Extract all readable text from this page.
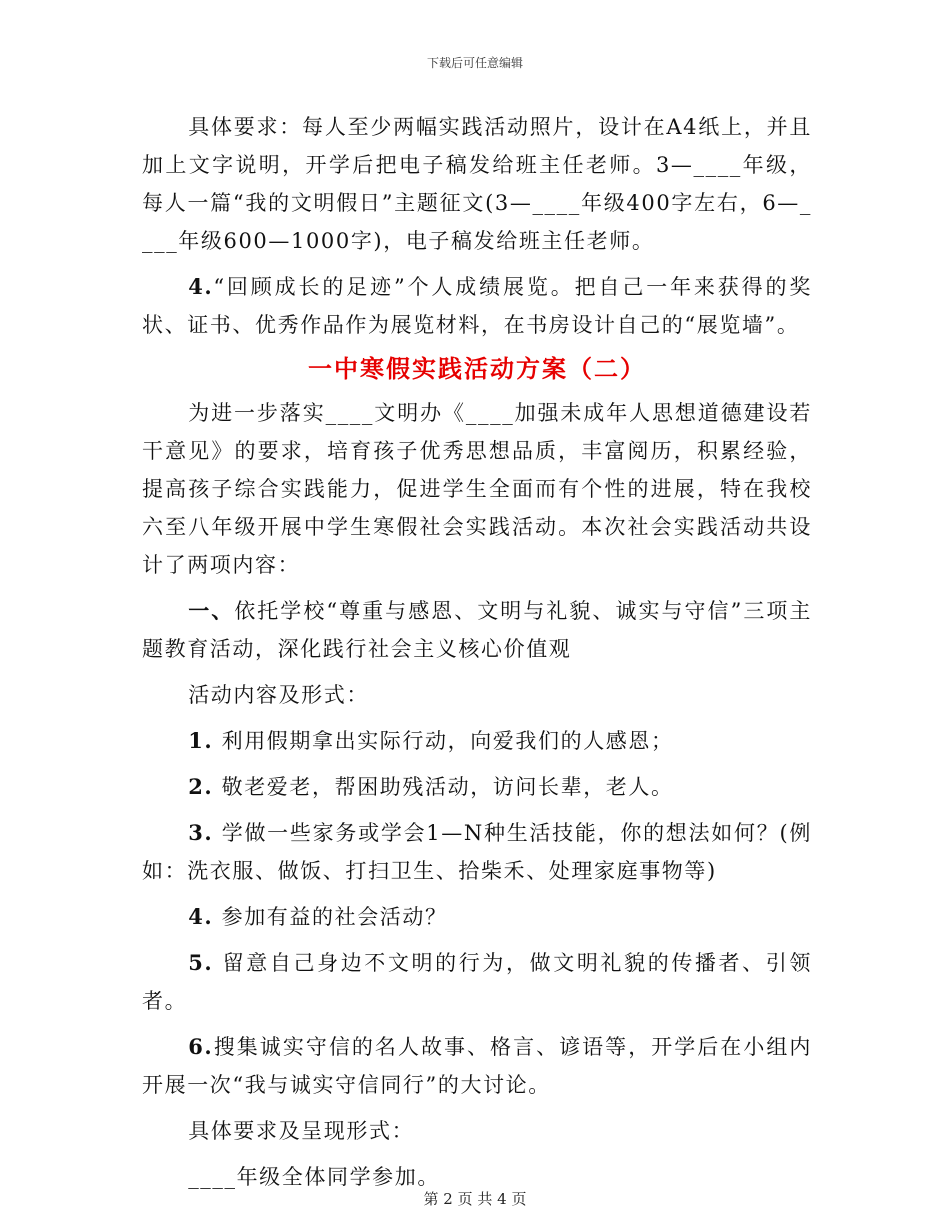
下载后可任意编辑

具体要求：每人至少两幅实践活动照片，设计在A4纸上，并且加上文字说明，开学后把电子稿发给班主任老师。3—____年级，每人一篇“我的文明假日”主题征文(3—____年级400字左右，6—____年级600—1000字)，电子稿发给班主任老师。

4.“回顾成长的足迹”个人成绩展览。把自己一年来获得的奖状、证书、优秀作品作为展览材料，在书房设计自己的“展览墙”。

一中寒假实践活动方案（二）

为进一步落实____文明办《____加强未成年人思想道德建设若干意见》的要求，培育孩子优秀思想品质，丰富阅历，积累经验，提高孩子综合实践能力，促进学生全面而有个性的进展，特在我校六至八年级开展中学生寒假社会实践活动。本次社会实践活动共设计了两项内容：

一、依托学校“尊重与感恩、文明与礼貌、诚实与守信”三项主题教育活动，深化践行社会主义核心价值观

活动内容及形式：

1. 利用假期拿出实际行动，向爱我们的人感恩；

2. 敬老爱老，帮困助残活动，访问长辈，老人。

3. 学做一些家务或学会1—N种生活技能，你的想法如何？(例如：洗衣服、做饭、打扫卫生、拾柴禾、处理家庭事物等)

4. 参加有益的社会活动？

5. 留意自己身边不文明的行为，做文明礼貌的传播者、引领者。

6.搜集诚实守信的名人故事、格言、谚语等，开学后在小组内开展一次“我与诚实守信同行”的大讨论。

具体要求及呈现形式：

____年级全体同学参加。

第 2 页 共 4 页
